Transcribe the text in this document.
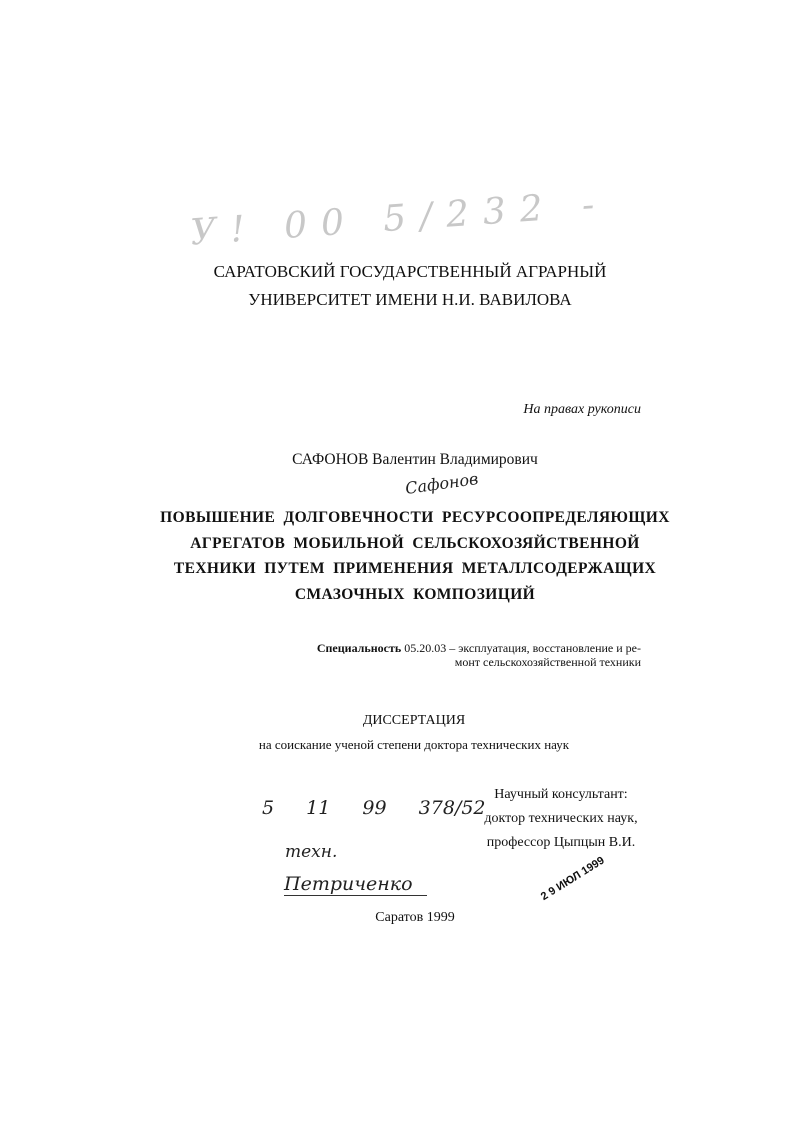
У! 00 5/232 -
САРАТОВСКИЙ ГОСУДАРСТВЕННЫЙ АГРАРНЫЙ
УНИВЕРСИТЕТ ИМЕНИ Н.И. ВАВИЛОВА
На правах рукописи
САФОНОВ Валентин Владимирович
Сафонов
ПОВЫШЕНИЕ ДОЛГОВЕЧНОСТИ РЕСУРСООПРЕДЕЛЯЮЩИХ
АГРЕГАТОВ МОБИЛЬНОЙ СЕЛЬСКОХОЗЯЙСТВЕННОЙ
ТЕХНИКИ ПУТЕМ ПРИМЕНЕНИЯ МЕТАЛЛСОДЕРЖАЩИХ
СМАЗОЧНЫХ КОМПОЗИЦИЙ
Специальность 05.20.03 – эксплуатация, восстановление и ре-
монт сельскохозяйственной техники
ДИССЕРТАЦИЯ
на соискание ученой степени доктора технических наук
Научный консультант:
доктор технических наук,
профессор Цыпцын В.И.
5  11  99  378/52
техн.
Петриченко
Саратов 1999
2 9 ИЮЛ 1999
